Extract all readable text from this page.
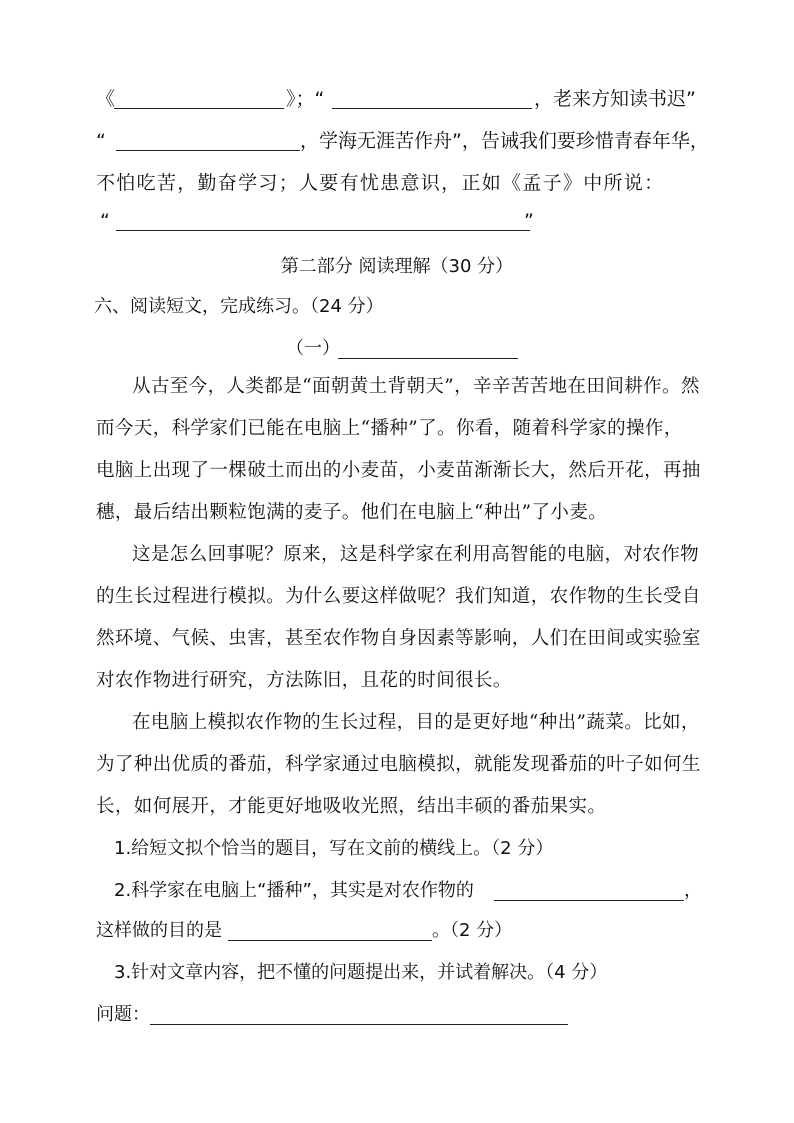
《	》；“	，老来方知读书迟”
“	，学海无涯苦作舟”，告诫我们要珍惜青春年华，
不怕吃苦，勤奋学习；人要有忧患意识，正如《孟子》中所说：
“	”
第二部分 阅读理解（30 分）
六、阅读短文，完成练习。（24 分）
（一）
从古至今，人类都是“面朝黄土背朝天”，辛辛苦苦地在田间耕作。然
而今天，科学家们已能在电脑上“播种”了。你看，随着科学家的操作，
电脑上出现了一棵破土而出的小麦苗，小麦苗渐渐长大，然后开花，再抽
穗，最后结出颗粒饱满的麦子。他们在电脑上“种出”了小麦。
这是怎么回事呢？原来，这是科学家在利用高智能的电脑，对农作物
的生长过程进行模拟。为什么要这样做呢？我们知道，农作物的生长受自
然环境、气候、虫害，甚至农作物自身因素等影响，人们在田间或实验室
对农作物进行研究，方法陈旧，且花的时间很长。
在电脑上模拟农作物的生长过程，目的是更好地“种出”蔬菜。比如，
为了种出优质的番茄，科学家通过电脑模拟，就能发现番茄的叶子如何生
长，如何展开，才能更好地吸收光照，结出丰硕的番茄果实。
1.给短文拟个恰当的题目，写在文前的横线上。（2 分）
2.科学家在电脑上“播种”，其实是对农作物的	，
这样做的目的是	。（2 分）
3.针对文章内容，把不懂的问题提出来，并试着解决。（4 分）
问题：
